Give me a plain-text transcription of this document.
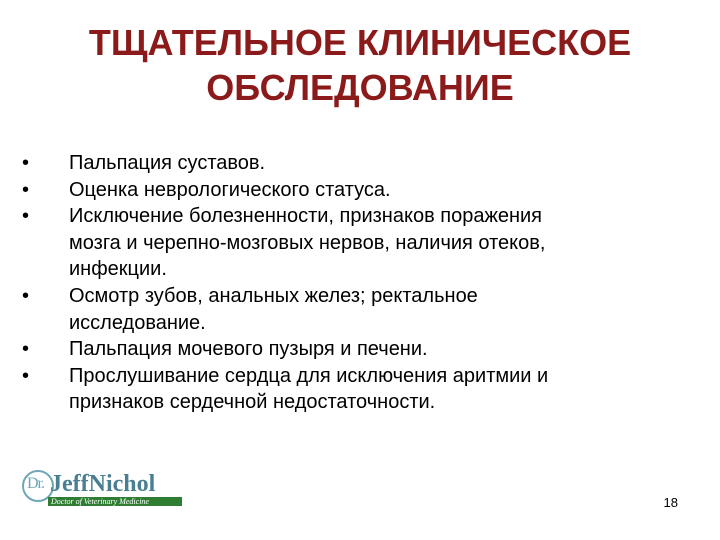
ТЩАТЕЛЬНОЕ КЛИНИЧЕСКОЕ
ОБСЛЕДОВАНИЕ
•	Пальпация суставов.
•	Оценка неврологического статуса.
•	Исключение болезненности, признаков поражения
мозга и черепно-мозговых нервов, наличия отеков,
инфекции.
•	Осмотр зубов, анальных желез; ректальное
исследование.
•	Пальпация мочевого пузыря и печени.
•	Прослушивание сердца для исключения аритмии и
признаков сердечной недостаточности.
Dr. JeffNichol
Doctor of Veterinary Medicine	18
